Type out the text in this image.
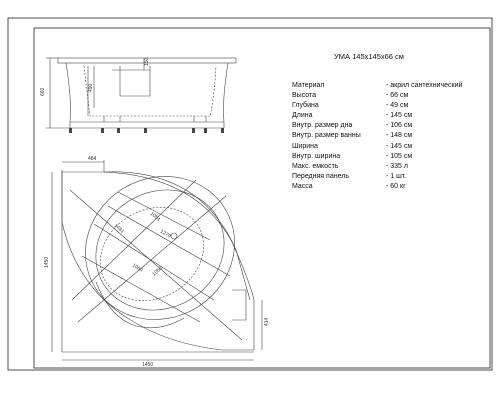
660	490
150
484
1450
1450
414
1481
1054
1270
1060 1050
УМА 145x145x66 см
Материал	- акрил сантехнический
Высота	- 66 см
Глубина	- 49 см
Длина	- 145 см
Внутр. размер дна	- 106 см
Внутр. размер ванны	- 148 см
Ширина	- 145 см
Внутр. ширина	- 105 см
Макс. емкость	- 335 л
Передняя панель	- 1 шт.
Масса	- 60 кг
